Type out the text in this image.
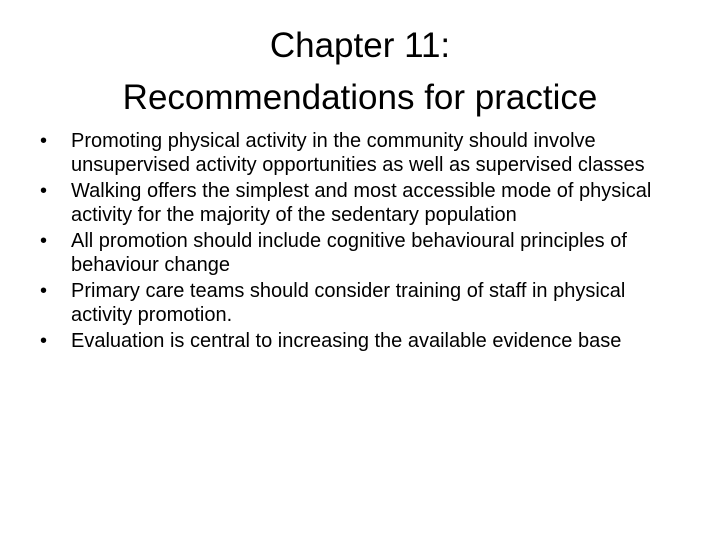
Chapter 11:
Recommendations for practice
• Promoting physical activity in the community should involve unsupervised activity opportunities as well as supervised classes
• Walking offers the simplest and most accessible mode of physical activity for the majority of the sedentary population
• All promotion should include cognitive behavioural principles of behaviour change
• Primary care teams should consider training of staff in physical activity promotion.
• Evaluation is central to increasing the available evidence base
